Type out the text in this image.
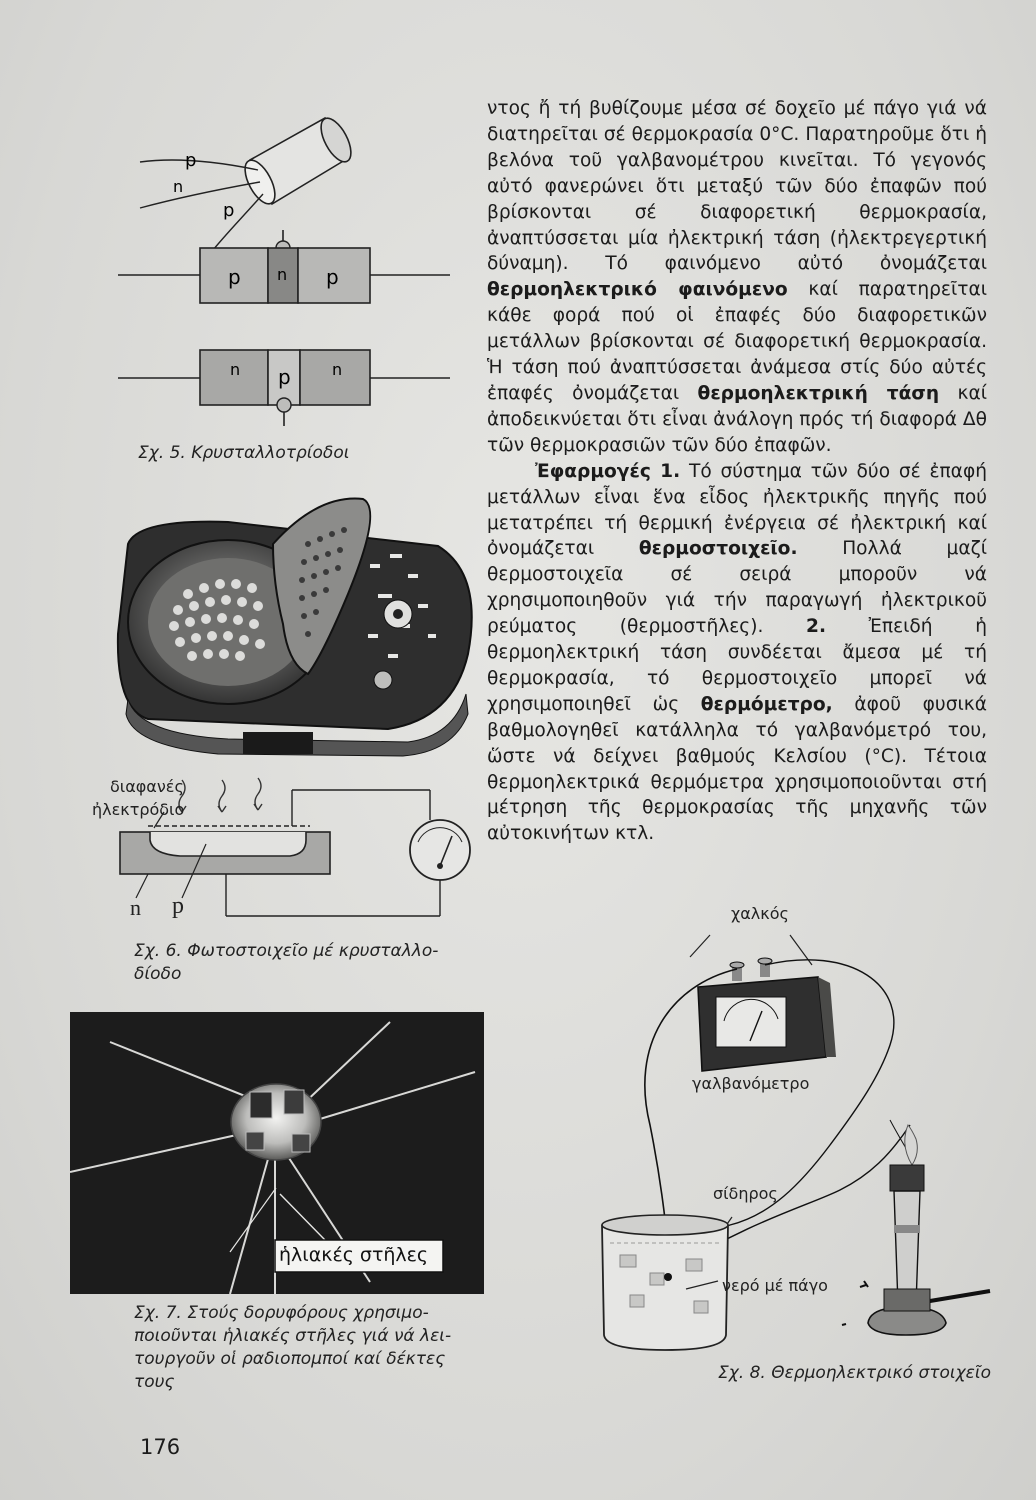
ντος ἤ τή βυθίζουμε μέσα σέ δοχεῖο μέ πάγο γιά νά διατηρεῖται σέ θερμοκρασία 0°C. Παρατηροῦμε ὅτι ἡ βελόνα τοῦ γαλβανομέτρου κινεῖται. Τό γεγονός αὐτό φανερώνει ὅτι μεταξύ τῶν δύο ἐπαφῶν πού βρίσκονται σέ διαφορετική θερμοκρασία, ἀναπτύσσεται μία ἠλεκτρική τάση (ἠλεκτρεγερτική δύναμη). Τό φαινόμενο αὐτό ὀνομάζεται θερμοηλεκτρικό φαινόμενο καί παρατηρεῖται κάθε φορά πού οἱ ἐπαφές δύο διαφορετικῶν μετάλλων βρίσκονται σέ διαφορετική θερμοκρασία. Ἡ τάση πού ἀναπτύσσεται ἀνάμεσα στίς δύο αὐτές ἐπαφές ὀνομάζεται θερμοηλεκτρική τάση καί ἀποδεικνύεται ὅτι εἶναι ἀνάλογη πρός τή διαφορά Δθ τῶν θερμοκρασιῶν τῶν δύο ἐπαφῶν.

Ἐφαρμογές 1. Τό σύστημα τῶν δύο σέ ἐπαφή μετάλλων εἶναι ἕνα εἶδος ἠλεκτρικῆς πηγῆς πού μετατρέπει τή θερμική ἐνέργεια σέ ἠλεκτρική καί ὀνομάζεται θερμοστοιχεῖο. Πολλά μαζί θερμοστοιχεῖα σέ σειρά μποροῦν νά χρησιμοποιηθοῦν γιά τήν παραγωγή ἠλεκτρικοῦ ρεύματος (θερμοστῆλες). 2. Ἐπειδή ἡ θερμοηλεκτρική τάση συνδέεται ἄμεσα μέ τή θερμοκρασία, τό θερμοστοιχεῖο μπορεῖ νά χρησιμοποιηθεῖ ὡς θερμόμετρο, ἀφοῦ φυσικά βαθμολογηθεῖ κατάλληλα τό γαλβανόμετρό του, ὥστε νά δείχνει βαθμούς Κελσίου (°C). Τέτοια θερμοηλεκτρικά θερμόμετρα χρησιμοποιοῦνται στή μέτρηση τῆς θερμοκρασίας τῆς μηχανῆς τῶν αὐτοκινήτων κτλ.

p
n
p
p n p
n p	n
Σχ. 5. Κρυσταλλοτρίοδοι
διαφανές
ἠλεκτρόδιο
n p
Σχ. 6. Φωτοστοιχεῖο μέ κρυσταλλο-
δίοδο
ἡλιακές στῆλες
Σχ. 7. Στούς δορυφόρους χρησιμο-
ποιοῦνται ἡλιακές στῆλες γιά νά λει-
τουργοῦν οἱ ραδιοπομποί καί δέκτες
τους
χαλκός
γαλβανόμετρο
σίδηρος
νερό μέ πάγο
Σχ. 8. Θερμοηλεκτρικό στοιχεῖο
176
